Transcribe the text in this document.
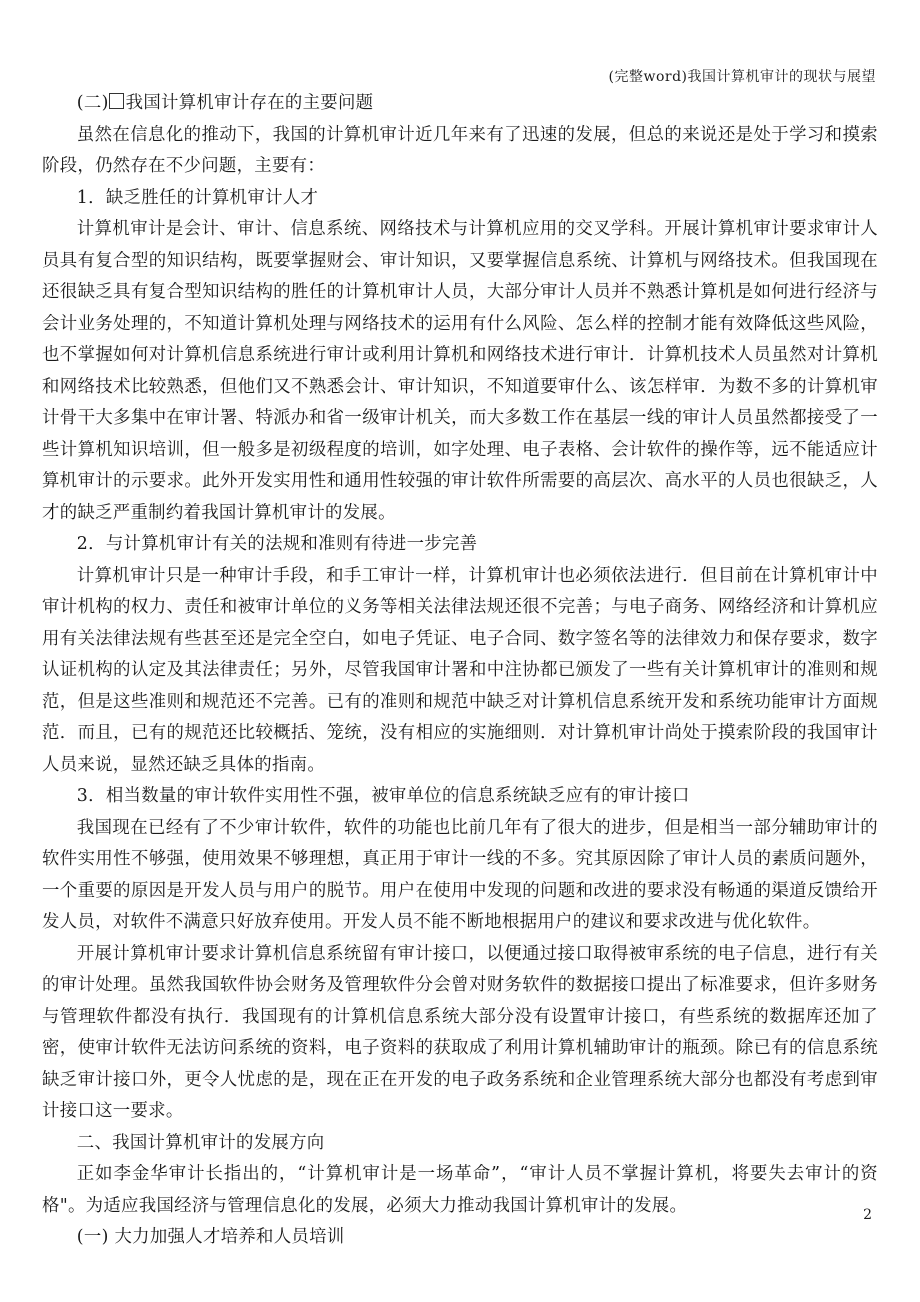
(完整word)我国计算机审计的现状与展望

(二) 我国计算机审计存在的主要问题

虽然在信息化的推动下，我国的计算机审计近几年来有了迅速的发展，但总的来说还是处于学习和摸索阶段，仍然存在不少问题，主要有：

1．缺乏胜任的计算机审计人才

计算机审计是会计、审计、信息系统、网络技术与计算机应用的交叉学科。开展计算机审计要求审计人员具有复合型的知识结构，既要掌握财会、审计知识，又要掌握信息系统、计算机与网络技术。但我国现在还很缺乏具有复合型知识结构的胜任的计算机审计人员，大部分审计人员并不熟悉计算机是如何进行经济与会计业务处理的，不知道计算机处理与网络技术的运用有什么风险、怎么样的控制才能有效降低这些风险，也不掌握如何对计算机信息系统进行审计或利用计算机和网络技术进行审计．计算机技术人员虽然对计算机和网络技术比较熟悉，但他们又不熟悉会计、审计知识，不知道要审什么、该怎样审．为数不多的计算机审计骨干大多集中在审计署、特派办和省一级审计机关，而大多数工作在基层一线的审计人员虽然都接受了一些计算机知识培训，但一般多是初级程度的培训，如字处理、电子表格、会计软件的操作等，远不能适应计算机审计的示要求。此外开发实用性和通用性较强的审计软件所需要的高层次、高水平的人员也很缺乏，人才的缺乏严重制约着我国计算机审计的发展。

2．与计算机审计有关的法规和准则有待进一步完善

计算机审计只是一种审计手段，和手工审计一样，计算机审计也必须依法进行．但目前在计算机审计中审计机构的权力、责任和被审计单位的义务等相关法律法规还很不完善；与电子商务、网络经济和计算机应用有关法律法规有些甚至还是完全空白，如电子凭证、电子合同、数字签名等的法律效力和保存要求，数字认证机构的认定及其法律责任；另外，尽管我国审计署和中注协都已颁发了一些有关计算机审计的准则和规范，但是这些准则和规范还不完善。已有的准则和规范中缺乏对计算机信息系统开发和系统功能审计方面规范．而且，已有的规范还比较概括、笼统，没有相应的实施细则．对计算机审计尚处于摸索阶段的我国审计人员来说，显然还缺乏具体的指南。

3．相当数量的审计软件实用性不强，被审单位的信息系统缺乏应有的审计接口

我国现在已经有了不少审计软件，软件的功能也比前几年有了很大的进步，但是相当一部分辅助审计的软件实用性不够强，使用效果不够理想，真正用于审计一线的不多。究其原因除了审计人员的素质问题外，一个重要的原因是开发人员与用户的脱节。用户在使用中发现的问题和改进的要求没有畅通的渠道反馈给开发人员，对软件不满意只好放弃使用。开发人员不能不断地根据用户的建议和要求改进与优化软件。

开展计算机审计要求计算机信息系统留有审计接口，以便通过接口取得被审系统的电子信息，进行有关的审计处理。虽然我国软件协会财务及管理软件分会曾对财务软件的数据接口提出了标准要求，但许多财务与管理软件都没有执行．我国现有的计算机信息系统大部分没有设置审计接口，有些系统的数据库还加了密，使审计软件无法访问系统的资料，电子资料的获取成了利用计算机辅助审计的瓶颈。除已有的信息系统缺乏审计接口外，更令人忧虑的是，现在正在开发的电子政务系统和企业管理系统大部分也都没有考虑到审计接口这一要求。

二、我国计算机审计的发展方向

正如李金华审计长指出的，“计算机审计是一场革命”，“审计人员不掌握计算机，将要失去审计的资格"。为适应我国经济与管理信息化的发展，必须大力推动我国计算机审计的发展。

(一) 大力加强人才培养和人员培训

2
